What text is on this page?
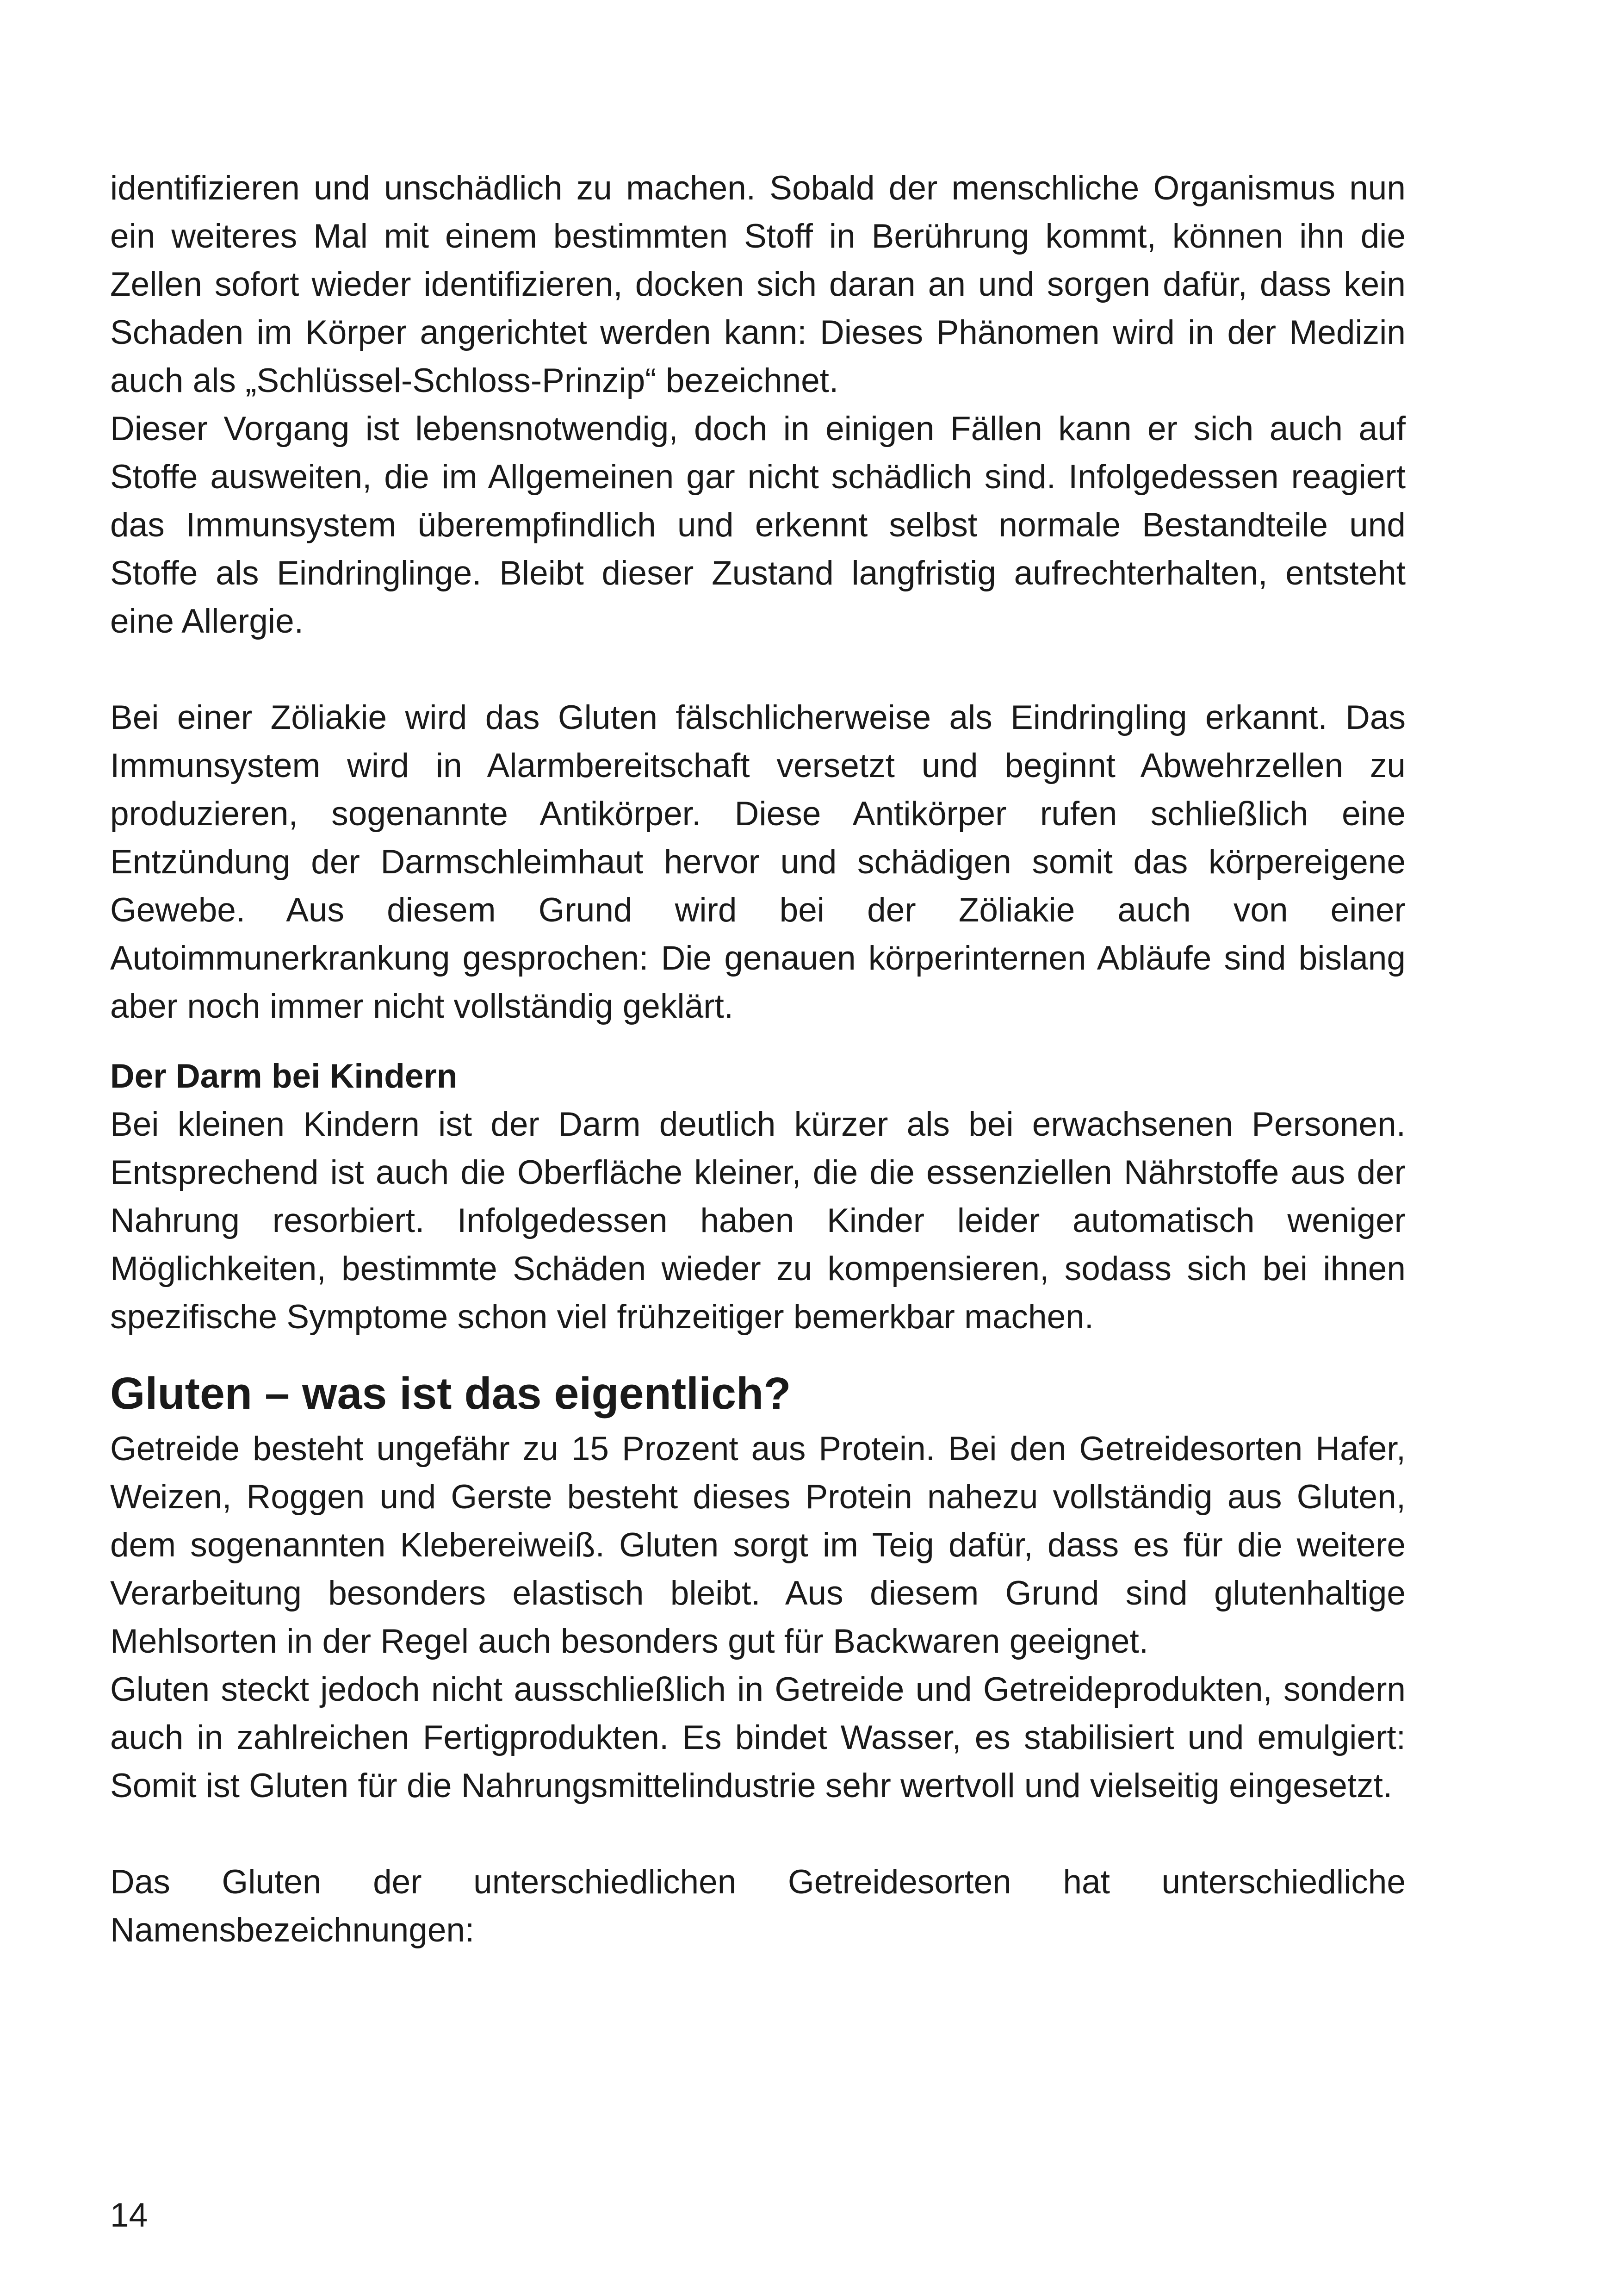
identifizieren und unschädlich zu machen. Sobald der menschliche Organismus nun ein weiteres Mal mit einem bestimmten Stoff in Berührung kommt, können ihn die Zellen sofort wieder identifizieren, docken sich daran an und sorgen dafür, dass kein Schaden im Körper angerichtet werden kann: Dieses Phänomen wird in der Medizin auch als „Schlüssel-Schloss-Prinzip“ bezeichnet.

Dieser Vorgang ist lebensnotwendig, doch in einigen Fällen kann er sich auch auf Stoffe ausweiten, die im Allgemeinen gar nicht schädlich sind. Infolgedessen reagiert das Immunsystem überempfindlich und erkennt selbst normale Bestandteile und Stoffe als Eindringlinge. Bleibt dieser Zustand langfristig aufrechterhalten, entsteht eine Allergie.

Bei einer Zöliakie wird das Gluten fälschlicherweise als Eindringling erkannt. Das Immunsystem wird in Alarmbereitschaft versetzt und beginnt Abwehrzellen zu produzieren, sogenannte Antikörper. Diese Antikörper rufen schließlich eine Entzündung der Darmschleimhaut hervor und schädigen somit das körpereigene Gewebe. Aus diesem Grund wird bei der Zöliakie auch von einer Autoimmunerkrankung gesprochen: Die genauen körperinternen Abläufe sind bislang aber noch immer nicht vollständig geklärt.

Der Darm bei Kindern

Bei kleinen Kindern ist der Darm deutlich kürzer als bei erwachsenen Personen. Entsprechend ist auch die Oberfläche kleiner, die die essenziellen Nährstoffe aus der Nahrung resorbiert. Infolgedessen haben Kinder leider automatisch weniger Möglichkeiten, bestimmte Schäden wieder zu kompensieren, sodass sich bei ihnen spezifische Symptome schon viel frühzeitiger bemerkbar machen.

Gluten – was ist das eigentlich?

Getreide besteht ungefähr zu 15 Prozent aus Protein. Bei den Getreidesorten Hafer, Weizen, Roggen und Gerste besteht dieses Protein nahezu vollständig aus Gluten, dem sogenannten Klebereiweiß. Gluten sorgt im Teig dafür, dass es für die weitere Verarbeitung besonders elastisch bleibt. Aus diesem Grund sind glutenhaltige Mehlsorten in der Regel auch besonders gut für Backwaren geeignet.

Gluten steckt jedoch nicht ausschließlich in Getreide und Getreideprodukten, sondern auch in zahlreichen Fertigprodukten. Es bindet Wasser, es stabilisiert und emulgiert: Somit ist Gluten für die Nahrungsmittelindustrie sehr wertvoll und vielseitig eingesetzt.

Das Gluten der unterschiedlichen Getreidesorten hat unterschiedliche Namensbezeichnungen:

14
